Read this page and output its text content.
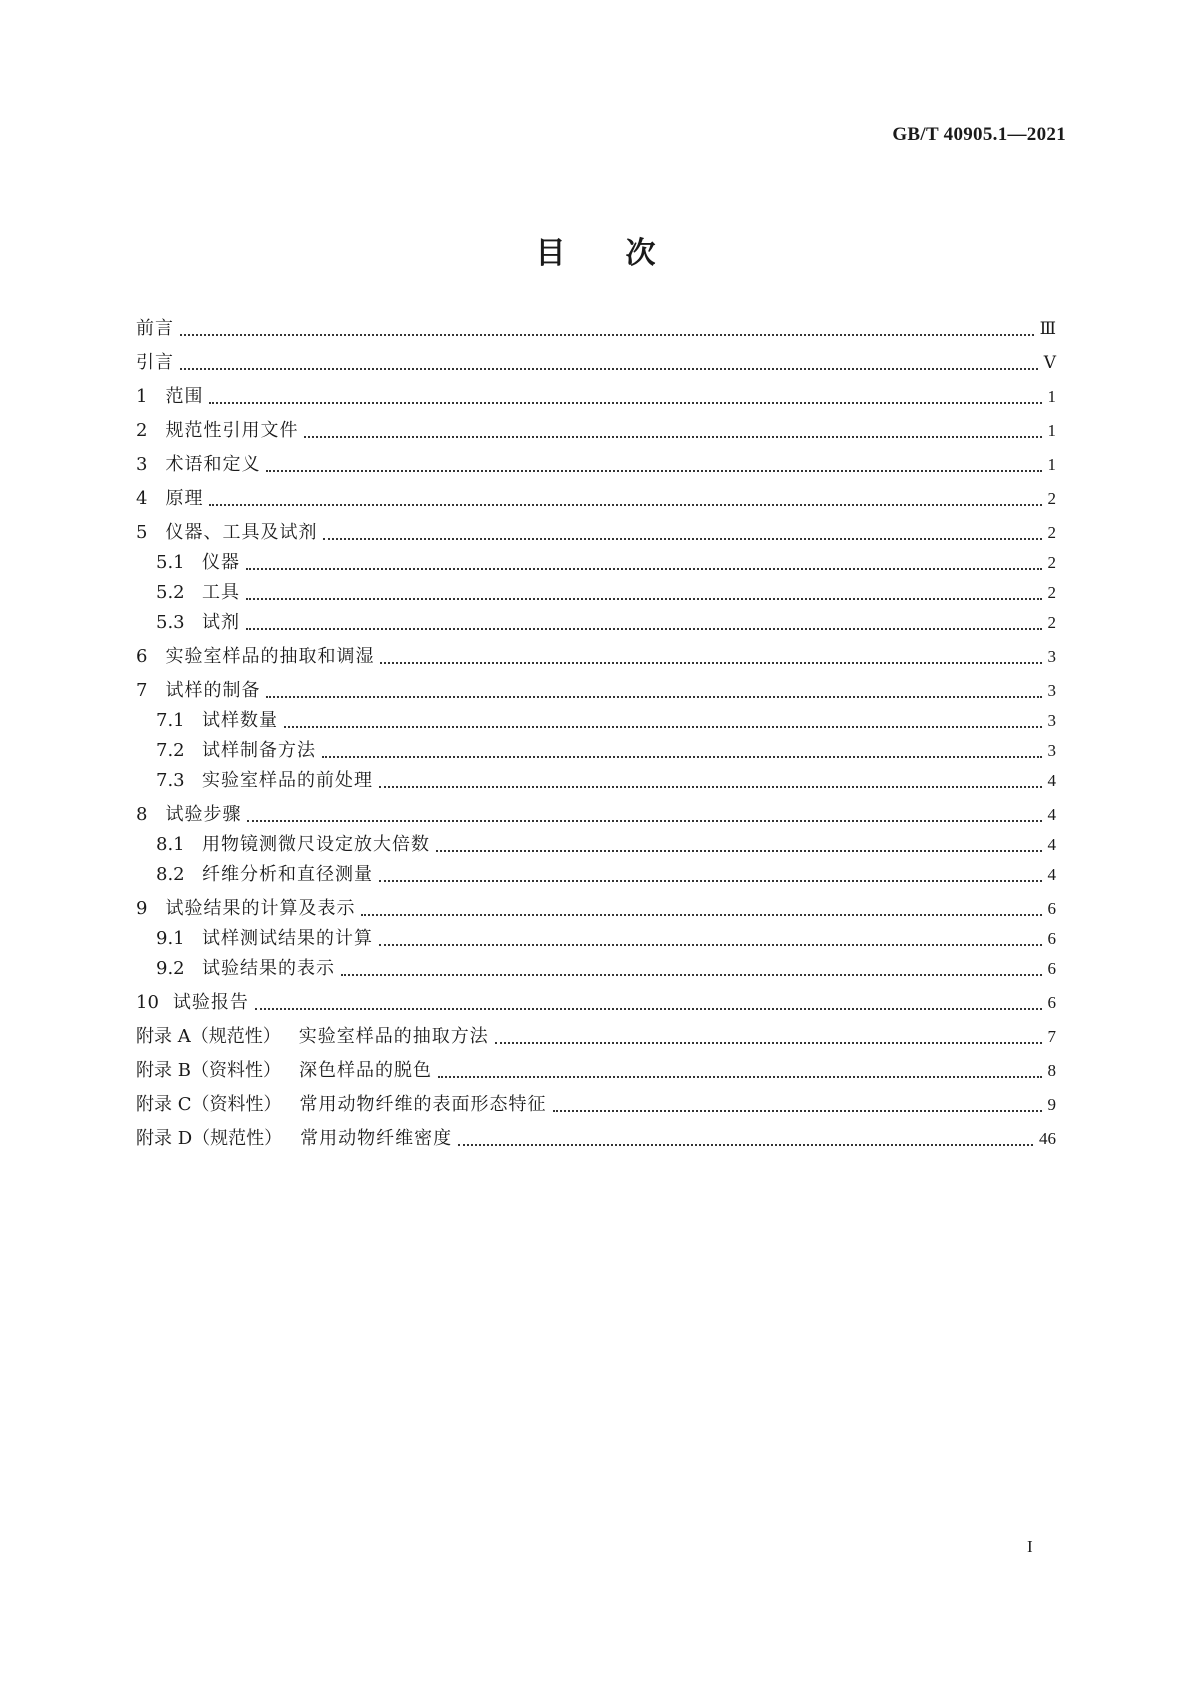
GB/T 40905.1—2021
目　　次
前言	Ⅲ
引言	Ⅴ
1 范围	1
2 规范性引用文件	1
3 术语和定义	1
4 原理	2
5 仪器、工具及试剂	2
5.1 仪器	2
5.2 工具	2
5.3 试剂	2
6 实验室样品的抽取和调湿	3
7 试样的制备	3
7.1 试样数量	3
7.2 试样制备方法	3
7.3 实验室样品的前处理	4
8 试验步骤	4
8.1 用物镜测微尺设定放大倍数	4
8.2 纤维分析和直径测量	4
9 试验结果的计算及表示	6
9.1 试样测试结果的计算	6
9.2 试验结果的表示	6
10 试验报告	6
附录 A（规范性） 实验室样品的抽取方法	7
附录 B（资料性） 深色样品的脱色	8
附录 C（资料性） 常用动物纤维的表面形态特征	9
附录 D（规范性） 常用动物纤维密度	46
I
